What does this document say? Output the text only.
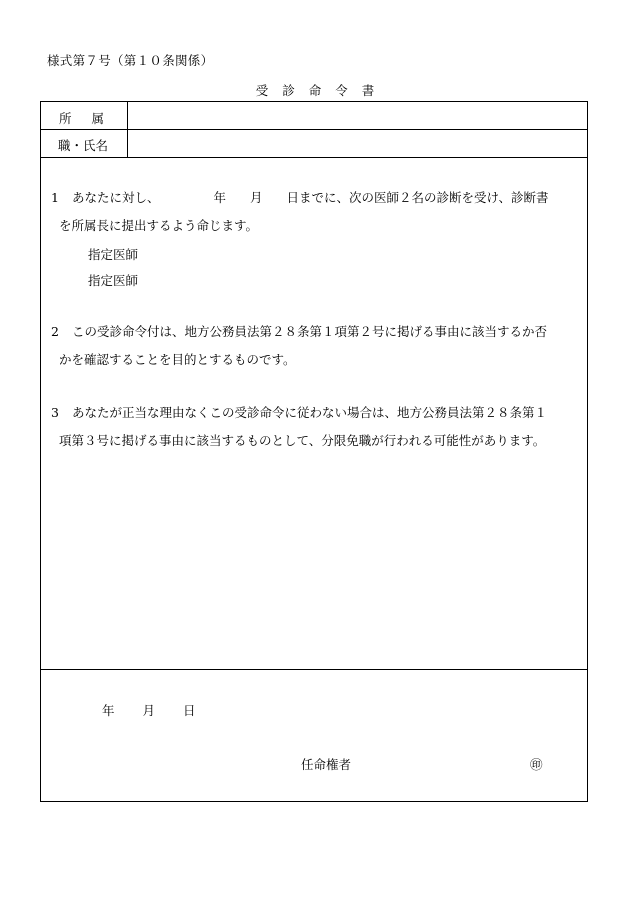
様式第７号（第１０条関係）
受診命令書
所属
職・氏名
1 あなたに対し、	年 月 日までに、次の医師２名の診断を受け、診断書
を所属長に提出するよう命じます。
指定医師
指定医師
2 この受診命令付は、地方公務員法第２８条第１項第２号に掲げる事由に該当するか否
かを確認することを目的とするものです。
3 あなたが正当な理由なくこの受診命令に従わない場合は、地方公務員法第２８条第１
項第３号に掲げる事由に該当するものとして、分限免職が行われる可能性があります。
年 月 日
任命権者	㊞
